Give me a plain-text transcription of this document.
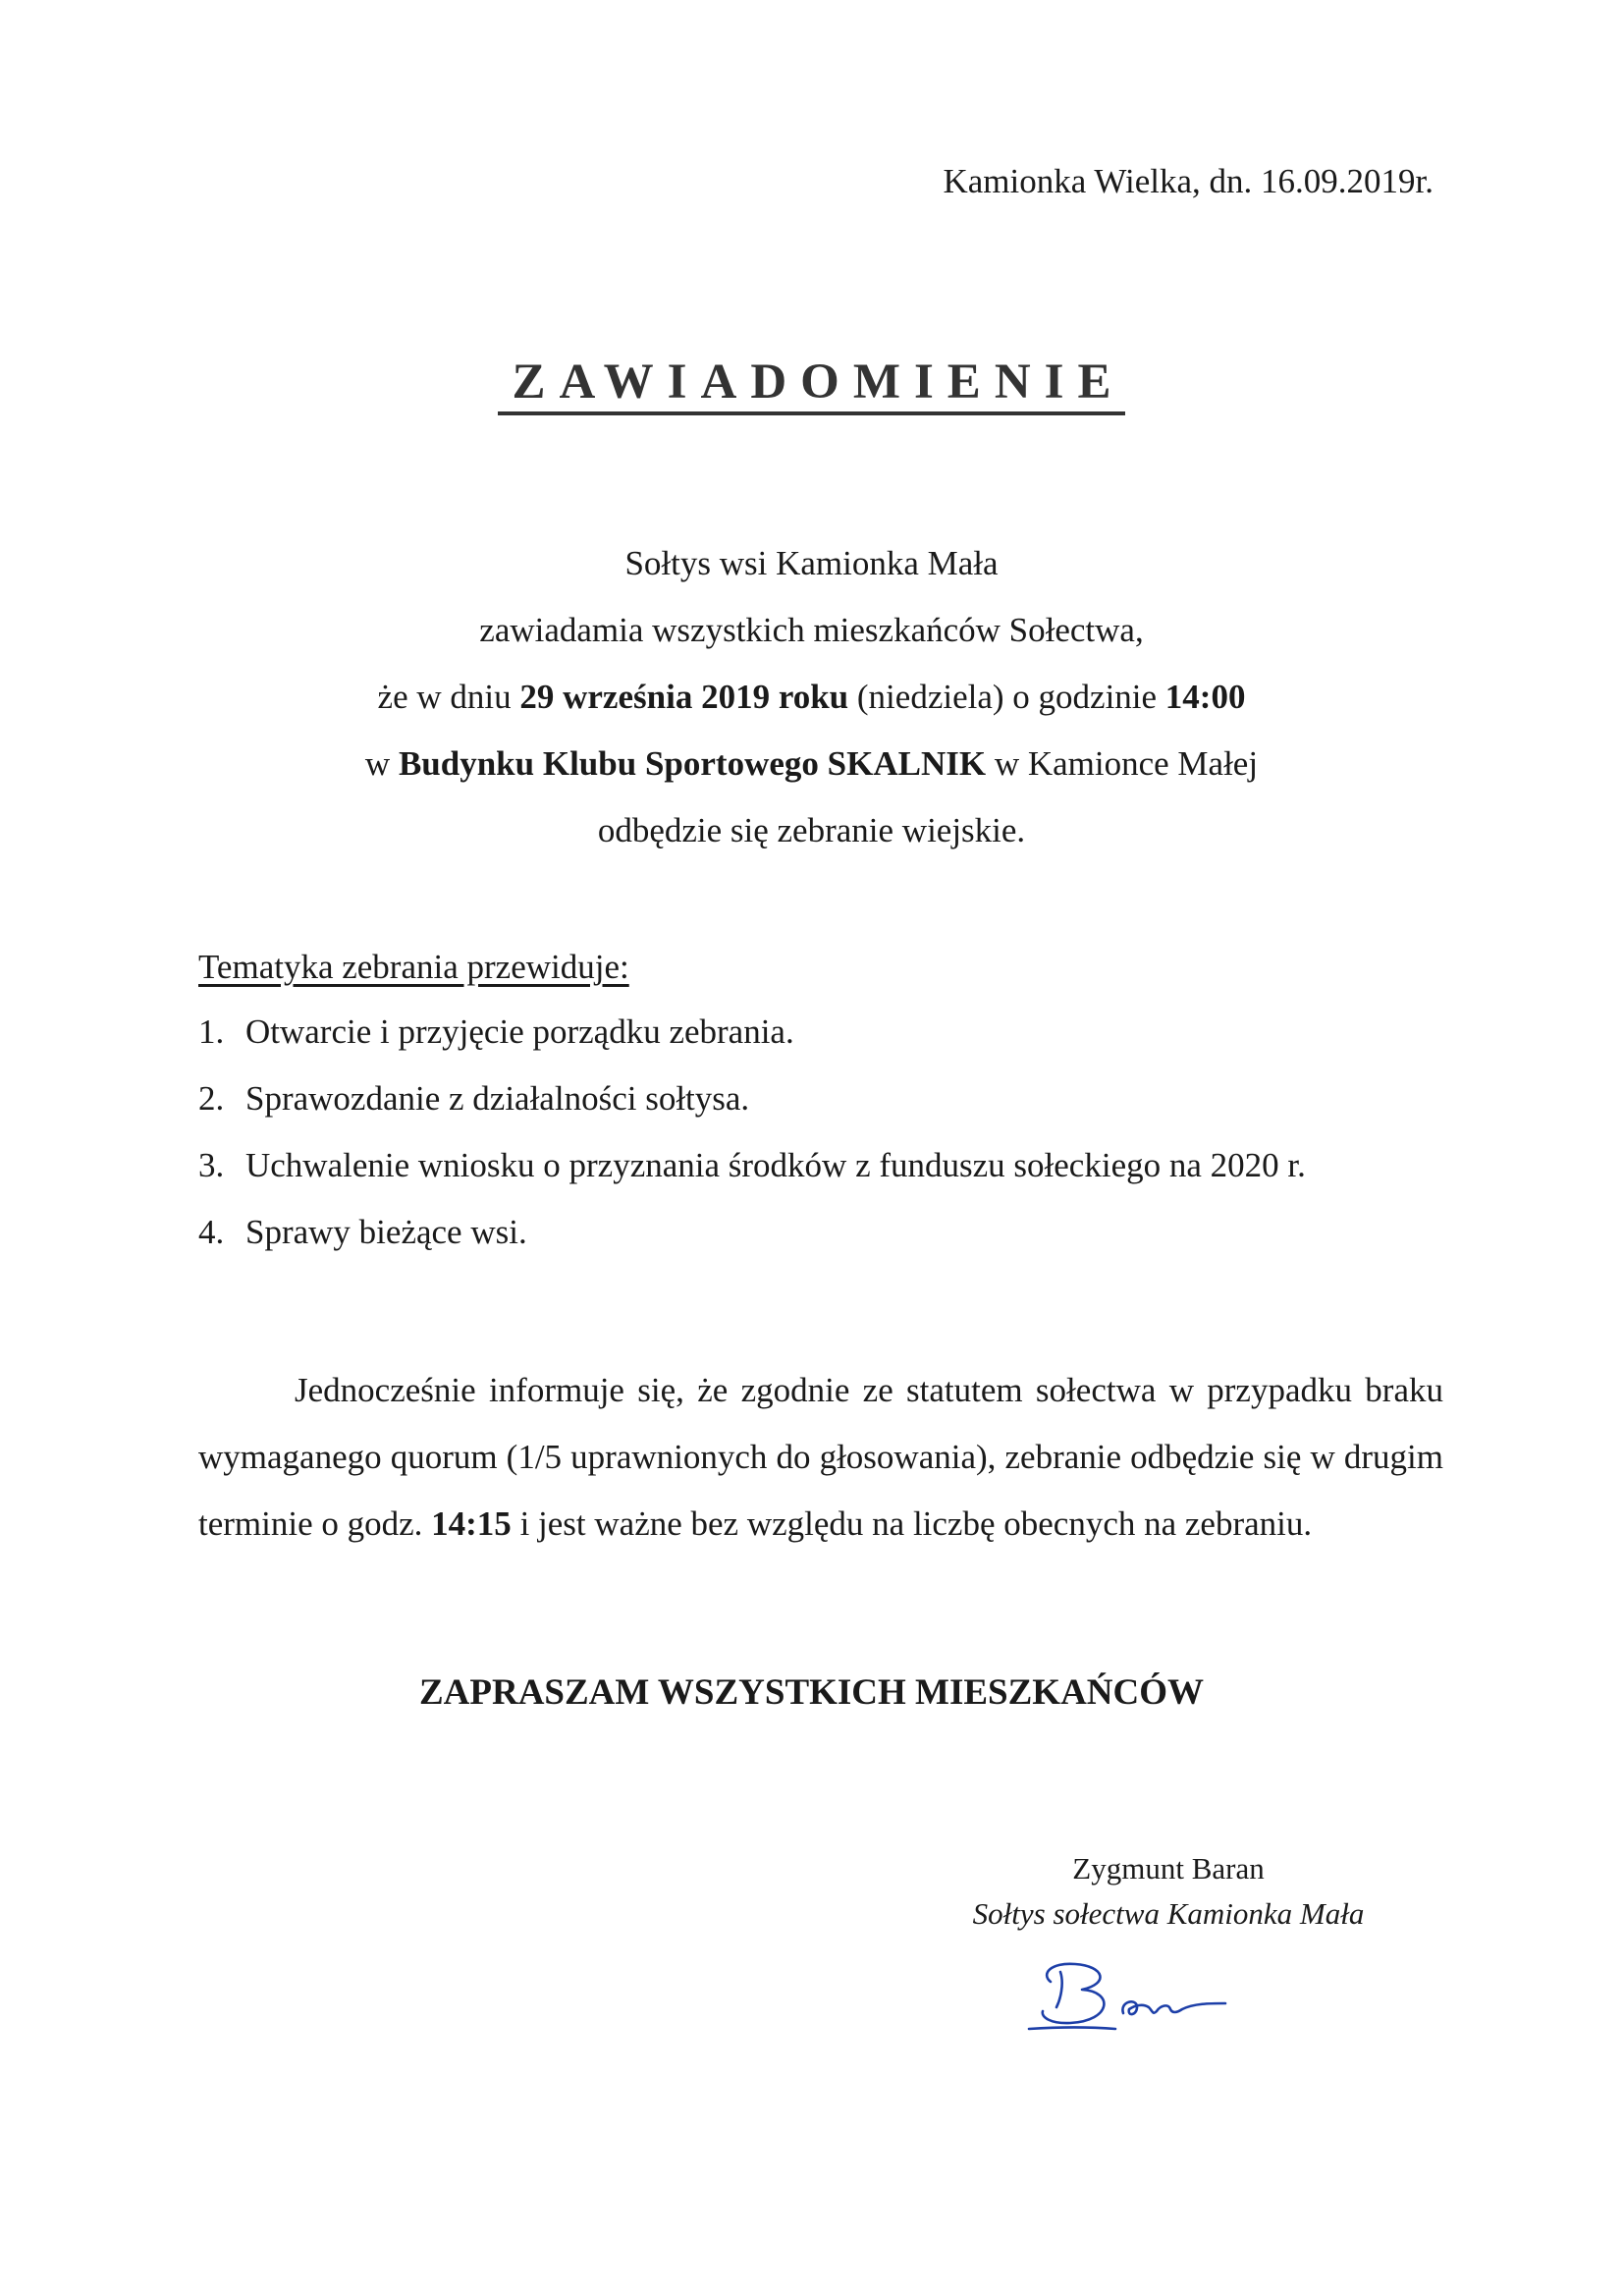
Kamionka Wielka, dn. 16.09.2019r.
ZAWIADOMIENIE
Sołtys wsi Kamionka Mała
zawiadamia wszystkich mieszkańców Sołectwa,
że w dniu 29 września 2019 roku (niedziela) o godzinie 14:00
w Budynku Klubu Sportowego SKALNIK w Kamionce Małej
odbędzie się zebranie wiejskie.
Tematyka zebrania przewiduje:
1. Otwarcie i przyjęcie porządku zebrania.
2. Sprawozdanie z działalności sołtysa.
3. Uchwalenie wniosku o przyznania środków z funduszu sołeckiego na 2020 r.
4. Sprawy bieżące wsi.
Jednocześnie informuje się, że zgodnie ze statutem sołectwa w przypadku braku wymaganego quorum (1/5 uprawnionych do głosowania), zebranie odbędzie się w drugim terminie o godz. 14:15 i jest ważne bez względu na liczbę obecnych na zebraniu.
ZAPRASZAM WSZYSTKICH MIESZKAŃCÓW
Zygmunt Baran
Sołtys sołectwa Kamionka Mała
